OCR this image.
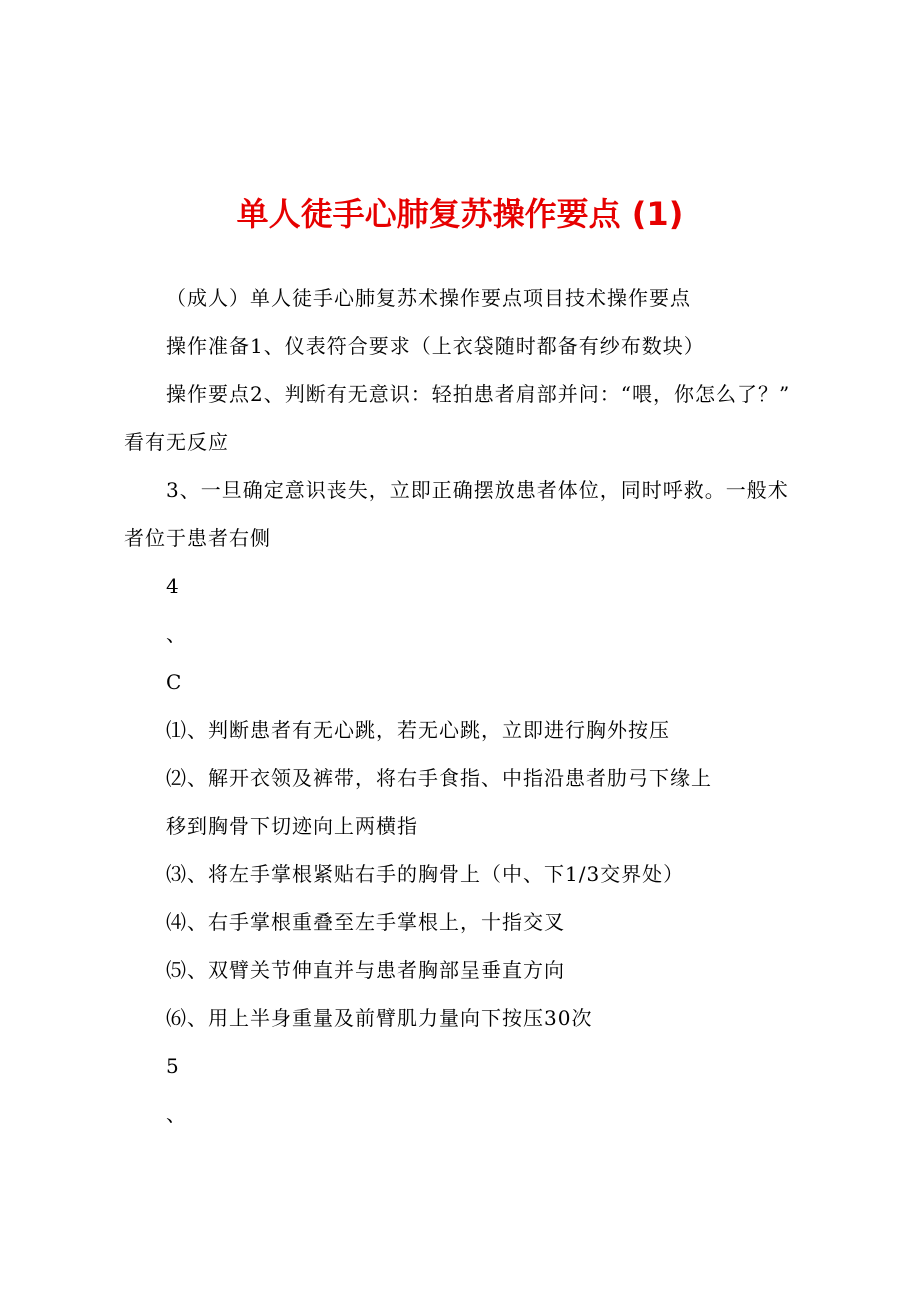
单人徒手心肺复苏操作要点 (1)
（成人）单人徒手心肺复苏术操作要点项目技术操作要点
操作准备1、仪表符合要求（上衣袋随时都备有纱布数块）
操作要点2、判断有无意识：轻拍患者肩部并问：“喂，你怎么了？”
看有无反应
3、一旦确定意识丧失，立即正确摆放患者体位，同时呼救。一般术
者位于患者右侧
4
、
C
⑴、判断患者有无心跳，若无心跳，立即进行胸外按压
⑵、解开衣领及裤带，将右手食指、中指沿患者肋弓下缘上
移到胸骨下切迹向上两横指
⑶、将左手掌根紧贴右手的胸骨上（中、下1/3交界处）
⑷、右手掌根重叠至左手掌根上，十指交叉
⑸、双臂关节伸直并与患者胸部呈垂直方向
⑹、用上半身重量及前臂肌力量向下按压30次
5
、
